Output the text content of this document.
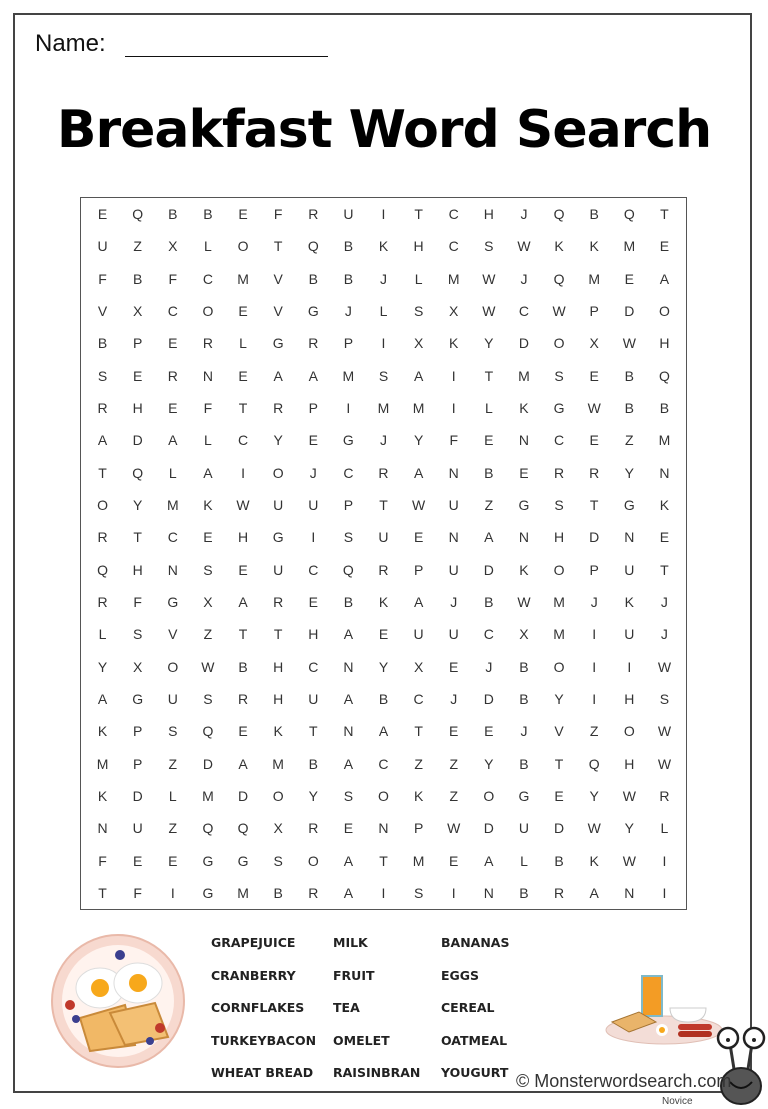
Name:
Breakfast Word Search
E	Q	B	B	E	F	R	U	I	T	C	H	J	Q	B	Q	T
U	Z	X	L	O	T	Q	B	K	H	C	S	W	K	K	M	E
F	B	F	C	M	V	B	B	J	L	M	W	J	Q	M	E	A
V	X	C	O	E	V	G	J	L	S	X	W	C	W	P	D	O
B	P	E	R	L	G	R	P	I	X	K	Y	D	O	X	W	H
S	E	R	N	E	A	A	M	S	A	I	T	M	S	E	B	Q
R	H	E	F	T	R	P	I	M	M	I	L	K	G	W	B	B
A	D	A	L	C	Y	E	G	J	Y	F	E	N	C	E	Z	M
T	Q	L	A	I	O	J	C	R	A	N	B	E	R	R	Y	N
O	Y	M	K	W	U	U	P	T	W	U	Z	G	S	T	G	K
R	T	C	E	H	G	I	S	U	E	N	A	N	H	D	N	E
Q	H	N	S	E	U	C	Q	R	P	U	D	K	O	P	U	T
R	F	G	X	A	R	E	B	K	A	J	B	W	M	J	K	J
L	S	V	Z	T	T	H	A	E	U	U	C	X	M	I	U	J
Y	X	O	W	B	H	C	N	Y	X	E	J	B	O	I	I	W
A	G	U	S	R	H	U	A	B	C	J	D	B	Y	I	H	S
K	P	S	Q	E	K	T	N	A	T	E	E	J	V	Z	O	W
M	P	Z	D	A	M	B	A	C	Z	Z	Y	B	T	Q	H	W
K	D	L	M	D	O	Y	S	O	K	Z	O	G	E	Y	W	R
N	U	Z	Q	Q	X	R	E	N	P	W	D	U	D	W	Y	L
F	E	E	G	G	S	O	A	T	M	E	A	L	B	K	W	I
T	F	I	G	M	B	R	A	I	S	I	N	B	R	A	N	I
GRAPEJUICE
CRANBERRY
CORNFLAKES
TURKEYBACON
WHEAT BREAD
MILK
FRUIT
TEA
OMELET
RAISINBRAN
BANANAS
EGGS
CEREAL
OATMEAL
YOUGURT © Monsterwordsearch.com
Novice
